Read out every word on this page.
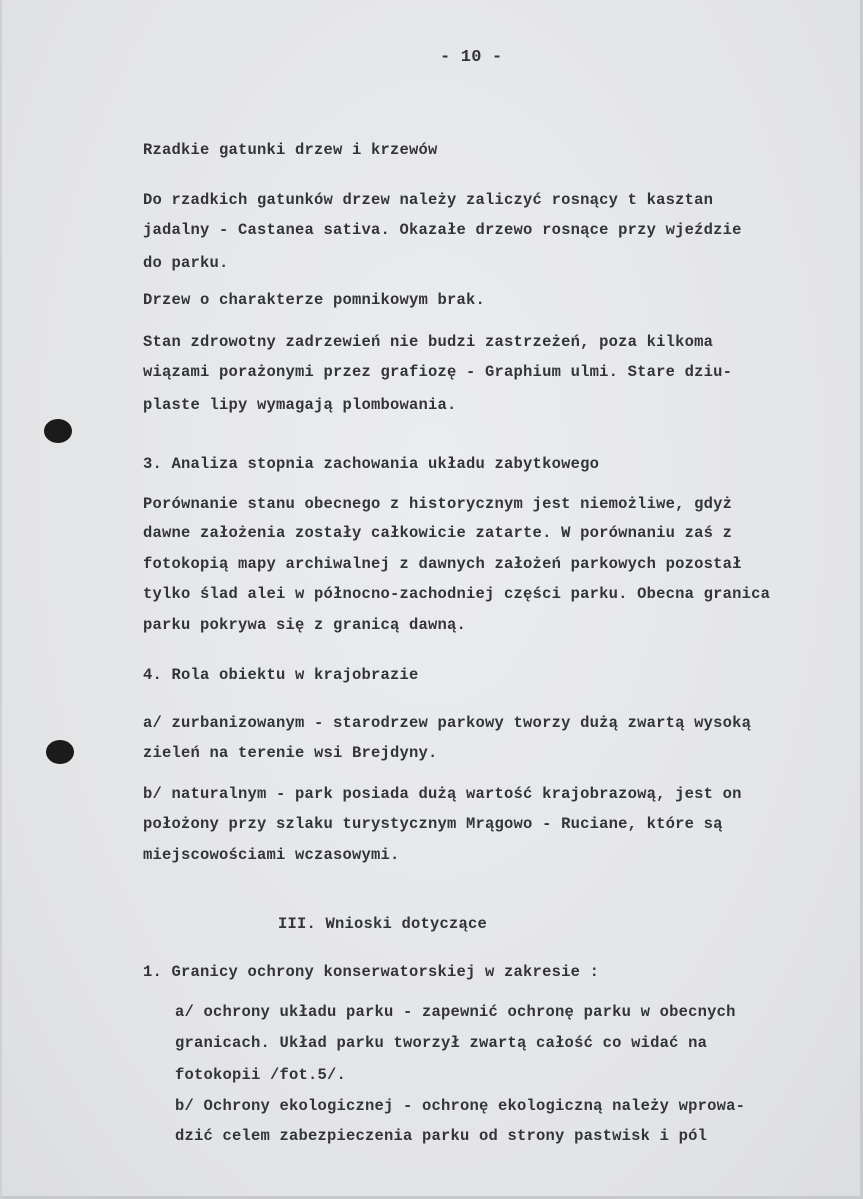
- 10 -

Rzadkie gatunki drzew i krzewów

Do rzadkich gatunków drzew należy zaliczyć rosnący t kasztan

jadalny - Castanea sativa. Okazałe drzewo rosnące przy wjeździe

do parku.

Drzew o charakterze pomnikowym brak.

Stan zdrowotny zadrzewień nie budzi zastrzeżeń, poza kilkoma

wiązami porażonymi przez grafiozę - Graphium ulmi. Stare dziu-

plaste lipy wymagają plombowania.

3. Analiza stopnia zachowania układu zabytkowego

Porównanie stanu obecnego z historycznym jest niemożliwe, gdyż

dawne założenia zostały całkowicie zatarte. W porównaniu zaś z

fotokopią mapy archiwalnej z dawnych założeń parkowych pozostał

tylko ślad alei w północno-zachodniej części parku. Obecna granica

parku pokrywa się z granicą dawną.

4. Rola obiektu w krajobrazie

a/ zurbanizowanym - starodrzew parkowy tworzy dużą zwartą wysoką

zieleń na terenie wsi Brejdyny.

b/ naturalnym - park posiada dużą wartość krajobrazową, jest on

położony przy szlaku turystycznym Mrągowo - Ruciane, które są

miejscowościami wczasowymi.

III. Wnioski dotyczące

1. Granicy ochrony konserwatorskiej w zakresie :

a/ ochrony układu parku - zapewnić ochronę parku w obecnych

granicach. Układ parku tworzył zwartą całość co widać na

fotokopii /fot.5/.

b/ Ochrony ekologicznej - ochronę ekologiczną należy wprowa-

dzić celem zabezpieczenia parku od strony pastwisk i pól
